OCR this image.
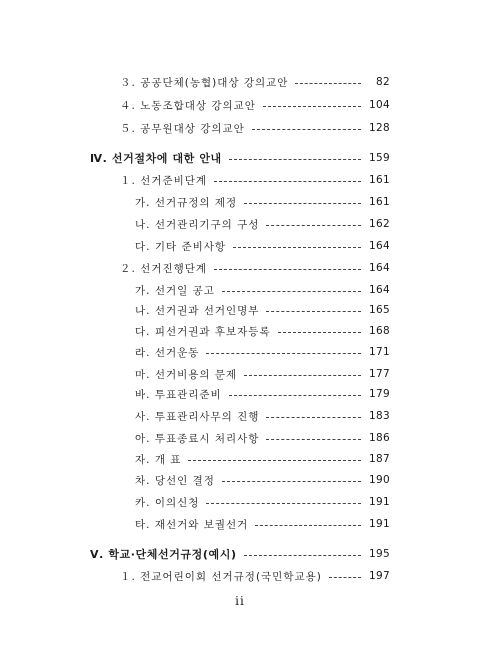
３. 공공단체(농협)대상 강의교안	82
４. 노동조합대상 강의교안	104
５. 공무원대상 강의교안	128
Ⅳ. 선거절차에 대한 안내	159
１. 선거준비단계	161
가. 선거규정의 제정	161
나. 선거관리기구의 구성	162
다. 기타 준비사항	164
２. 선거진행단계	164
가. 선거일 공고	164
나. 선거권과 선거인명부	165
다. 피선거권과 후보자등록	168
라. 선거운동	171
마. 선거비용의 문제	177
바. 투표관리준비	179
사. 투표관리사무의 진행	183
아. 투표종료시 처리사항	186
자. 개 표	187
차. 당선인 결정	190
카. 이의신청	191
타. 재선거와 보궐선거	191
Ⅴ. 학교·단체선거규정(예시)	195
１. 전교어린이회 선거규정(국민학교용)	197
ii
